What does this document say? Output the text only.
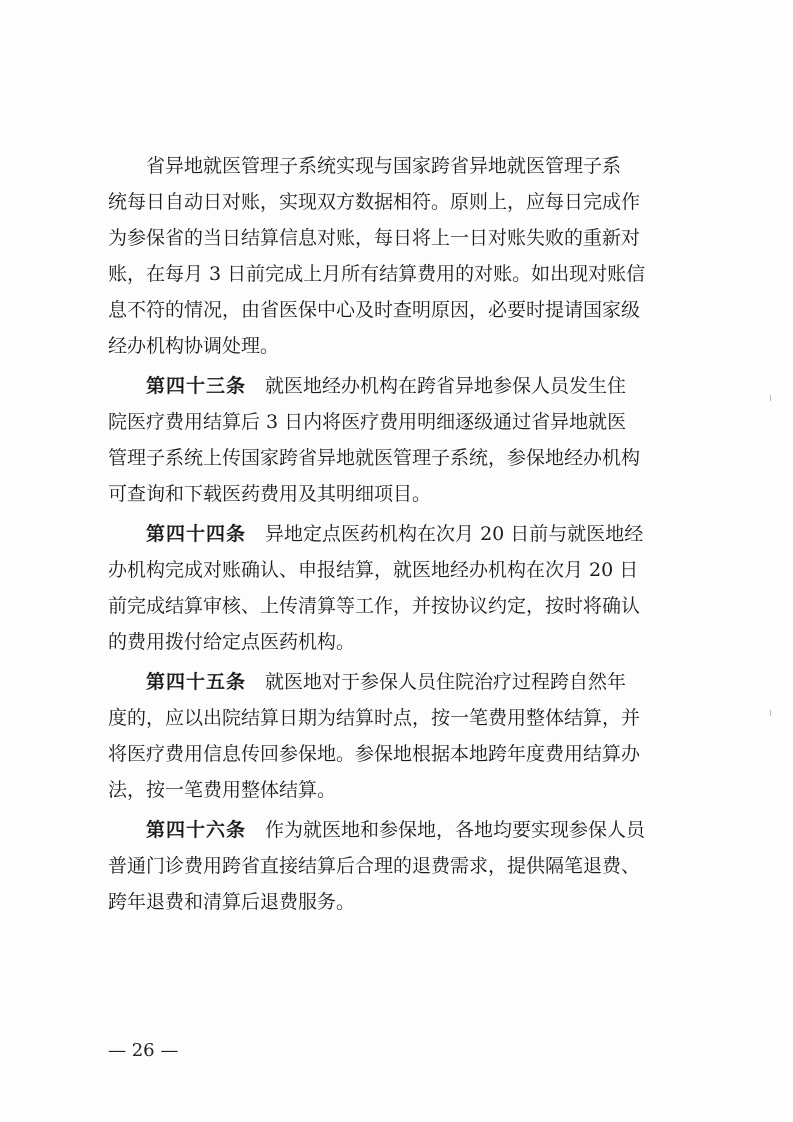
省异地就医管理子系统实现与国家跨省异地就医管理子系
统每日自动日对账，实现双方数据相符。原则上，应每日完成作
为参保省的当日结算信息对账，每日将上一日对账失败的重新对
账，在每月 3 日前完成上月所有结算费用的对账。如出现对账信
息不符的情况，由省医保中心及时查明原因，必要时提请国家级
经办机构协调处理。
第四十三条　 就医地经办机构在跨省异地参保人员发生住
院医疗费用结算后 3 日内将医疗费用明细逐级通过省异地就医
管理子系统上传国家跨省异地就医管理子系统，参保地经办机构
可查询和下载医药费用及其明细项目。
第四十四条　 异地定点医药机构在次月 20 日前与就医地经
办机构完成对账确认、申报结算，就医地经办机构在次月 20 日
前完成结算审核、上传清算等工作，并按协议约定，按时将确认
的费用拨付给定点医药机构。
第四十五条　 就医地对于参保人员住院治疗过程跨自然年
度的，应以出院结算日期为结算时点，按一笔费用整体结算，并
将医疗费用信息传回参保地。参保地根据本地跨年度费用结算办
法，按一笔费用整体结算。
第四十六条　 作为就医地和参保地，各地均要实现参保人员
普通门诊费用跨省直接结算后合理的退费需求，提供隔笔退费、
跨年退费和清算后退费服务。
— 26 —
